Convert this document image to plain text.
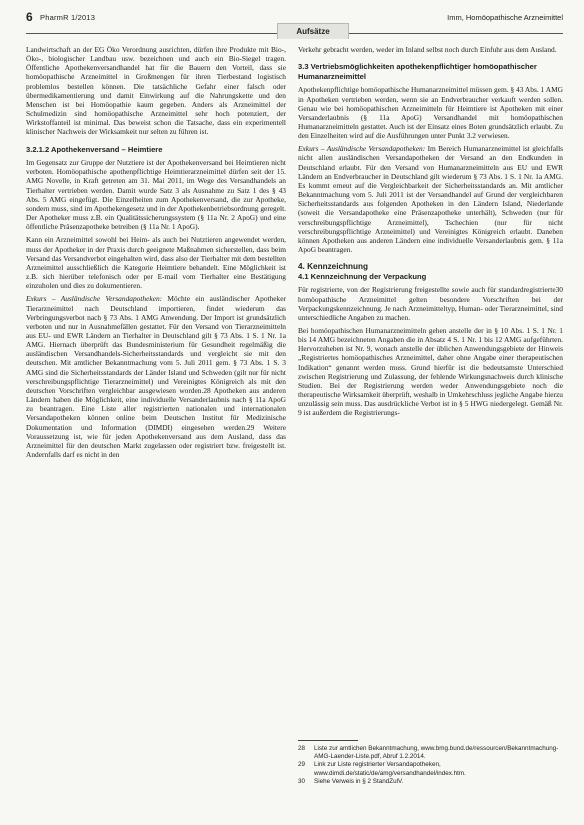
6 PharmR 1/2013
Aufsätze
Imm, Homöopathische Arzneimittel

Landwirtschaft an der EG Öko Verordnung ausrichten, dürfen ihre Produkte mit Bio-, Öko-, biologischer Landbau usw. bezeichnen und auch ein Bio-Siegel tragen. Öffentliche Apothekenversandhandel hat für die Bauern den Vorteil, dass sie homöopathische Arzneimittel in Großmengen für ihren Tierbestand logistisch problemlos bestellen können. Die tatsächliche Gefahr einer falsch oder übermedikamentierung und damit Einwirkung auf die Nahrungskette und den Menschen ist bei Homöopathie kaum gegeben. Anders als Arzneimittel der Schulmedizin sind homöopathische Arzneimittel sehr hoch potenziert, der Wirkstoffanteil ist minimal. Das beweist schon die Tatsache, dass ein experimentell klinischer Nachweis der Wirksamkeit nur selten zu führen ist.

3.2.1.2 Apothekenversand – Heimtiere

Im Gegensatz zur Gruppe der Nutztiere ist der Apothekenversand bei Heimtieren nicht verboten. Homöopathische apothenpflichtige Heimtierarzneimittel dürfen seit der 15. AMG Novelle, in Kraft getreten am 31. Mai 2011, im Wege des Versandhandels an Tierhalter vertrieben werden. Damit wurde Satz 3 als Ausnahme zu Satz 1 des § 43 Abs. 5 AMG eingefügt. Die Einzelheiten zum Apothekenversand, die zur Apotheke, sondern muss, sind im Apothekengesetz und in der Apothekenbetriebsordnung geregelt. Der Apotheker muss z.B. ein Qualitätssicherungssystem (§ 11a Nr. 2 ApoG) und eine öffentliche Präsenzapotheke betreiben (§ 11a Nr. 1 ApoG).

Kann ein Arzneimittel sowohl bei Heim- als auch bei Nutztieren angewendet werden, muss der Apotheker in der Praxis durch geeignete Maßnahmen sicherstellen, dass beim Versand das Versandverbot eingehalten wird, dass also der Tierhalter mit dem bestellten Arzneimittel ausschließlich die Kategorie Heimtiere behandelt. Eine Möglichkeit ist z.B. sich hierüber telefonisch oder per E-mail vom Tierhalter eine Bestätigung einzuholen und dies zu dokumentieren.

Exkurs – Ausländische Versandapotheken: Möchte ein ausländischer Apotheker Tierarzneimittel nach Deutschland importieren, findet wiederum das Verbringungsverbot nach § 73 Abs. 1 AMG Anwendung. Der Import ist grundsätzlich verboten und nur in Ausnahmefällen gestattet. Für den Versand von Tierarzneimitteln aus EU- und EWR Ländern an Tierhalter in Deutschland gilt § 73 Abs. 1 S. 1 Nr. 1a AMG. Hiernach überprüft das Bundesministerium für Gesundheit regelmäßig die ausländischen Versandhandels-Sicherheitsstandards und vergleicht sie mit den deutschen. Mit amtlicher Bekanntmachung vom 5. Juli 2011 gem. § 73 Abs. 1 S. 3 AMG sind die Sicherheitsstandards der Länder Island und Schweden (gilt nur für nicht verschreibungspflichtige Tierarzneimittel) und Vereinigtes Königreich als mit den deutschen Vorschriften vergleichbar ausgewiesen worden.28 Apotheken aus anderen Ländern haben die Möglichkeit, eine individuelle Versanderlaubnis nach § 11a ApoG zu beantragen. Eine Liste aller registrierten nationalen und internationalen Versandapotheken können online beim Deutschen Institut für Medizinische Dokumentation und Information (DIMDI) eingesehen werden.29 Weitere Voraussetzung ist, wie für jeden Apothekenversand aus dem Ausland, dass das Arzneimittel für den deutschen Markt zugelassen oder registriert bzw. freigestellt ist. Andernfalls darf es nicht in den

Verkehr gebracht werden, weder im Inland selbst noch durch Einfuhr aus dem Ausland.

3.3 Vertriebsmöglichkeiten apothekenpflichtiger homöopathischer Humanarzneimittel

Apothekenpflichtige homöopathische Humanarzneimittel müssen gem. § 43 Abs. 1 AMG in Apotheken vertrieben werden, wenn sie an Endverbraucher verkauft werden sollen. Genau wie bei homöopathischen Arzneimitteln für Heimtiere ist Apotheken mit einer Versanderlaubnis (§ 11a ApoG) Versandhandel mit homöopathischen Humanarzneimitteln gestattet. Auch ist der Einsatz eines Boten grundsätzlich erlaubt. Zu den Einzelheiten wird auf die Ausführungen unter Punkt 3.2 verwiesen.

Exkurs – Ausländische Versandapotheken: Im Bereich Humanarzneimittel ist gleichfalls nicht allen ausländischen Versandapotheken der Versand an den Endkunden in Deutschland erlaubt. Für den Versand von Humanarzneimitteln aus EU und EWR Ländern an Endverbraucher in Deutschland gilt wiederum § 73 Abs. 1 S. 1 Nr. 1a AMG. Es kommt erneut auf die Vergleichbarkeit der Sicherheitsstandards an. Mit amtlicher Bekanntmachung vom 5. Juli 2011 ist der Versandhandel auf Grund der vergleichbaren Sicherheitsstandards aus folgenden Apotheken in den Ländern Island, Niederlande (soweit die Versandapotheke eine Präsenzapotheke unterhält), Schweden (nur für verschreibungspflichtige Arzneimittel), Tschechien (nur für nicht verschreibungspflichtige Arzneimittel) und Vereinigtes Königreich erlaubt. Daneben können Apotheken aus anderen Ländern eine individuelle Versanderlaubnis gem. § 11a ApoG beantragen.

4. Kennzeichnung

4.1 Kennzeichnung der Verpackung

Für registrierte, von der Registrierung freigestellte sowie auch für standardregistrierte30 homöopathische Arzneimittel gelten besondere Vorschriften bei der Verpackungskennzeichnung. Je nach Arzneimitteltyp, Human- oder Tierarzneimittel, sind unterschiedliche Angaben zu machen.

Bei homöopathischen Humanarzneimitteln gehen anstelle der in § 10 Abs. 1 S. 1 Nr. 1 bis 14 AMG bezeichneten Angaben die in Absatz 4 S. 1 Nr. 1 bis 12 AMG aufgeführten. Hervorzuheben ist Nr. 9, wonach anstelle der üblichen Anwendungsgebiete der Hinweis „Registriertes homöopathisches Arzneimittel, daher ohne Angabe einer therapeutischen Indikation“ genannt werden muss. Grund hierfür ist die bedeutsamste Unterschied zwischen Registrierung und Zulassung, der fehlende Wirkungsnachweis durch klinische Studien. Bei der Registrierung werden weder Anwendungsgebiete noch die therapeutische Wirksamkeit überprüft, weshalb in Umkehrschluss jegliche Angabe hierzu unzulässig sein muss. Das ausdrückliche Verbot ist in § 5 HWG niedergelegt. Gemäß Nr. 9 ist außerdem die Registrierungs-

28	Liste zur amtlichen Bekanntmachung, www.bmg.bund.de/ressourcen/Bekanntmachung-AMG-Laender-Liste.pdf, Abruf 1.2.2014.
29	Link zur Liste registrierter Versandapotheken, www.dimdi.de/static/de/amg/versandhandel/index.htm.
30	Siehe Verweis in § 2 StandZulV.
